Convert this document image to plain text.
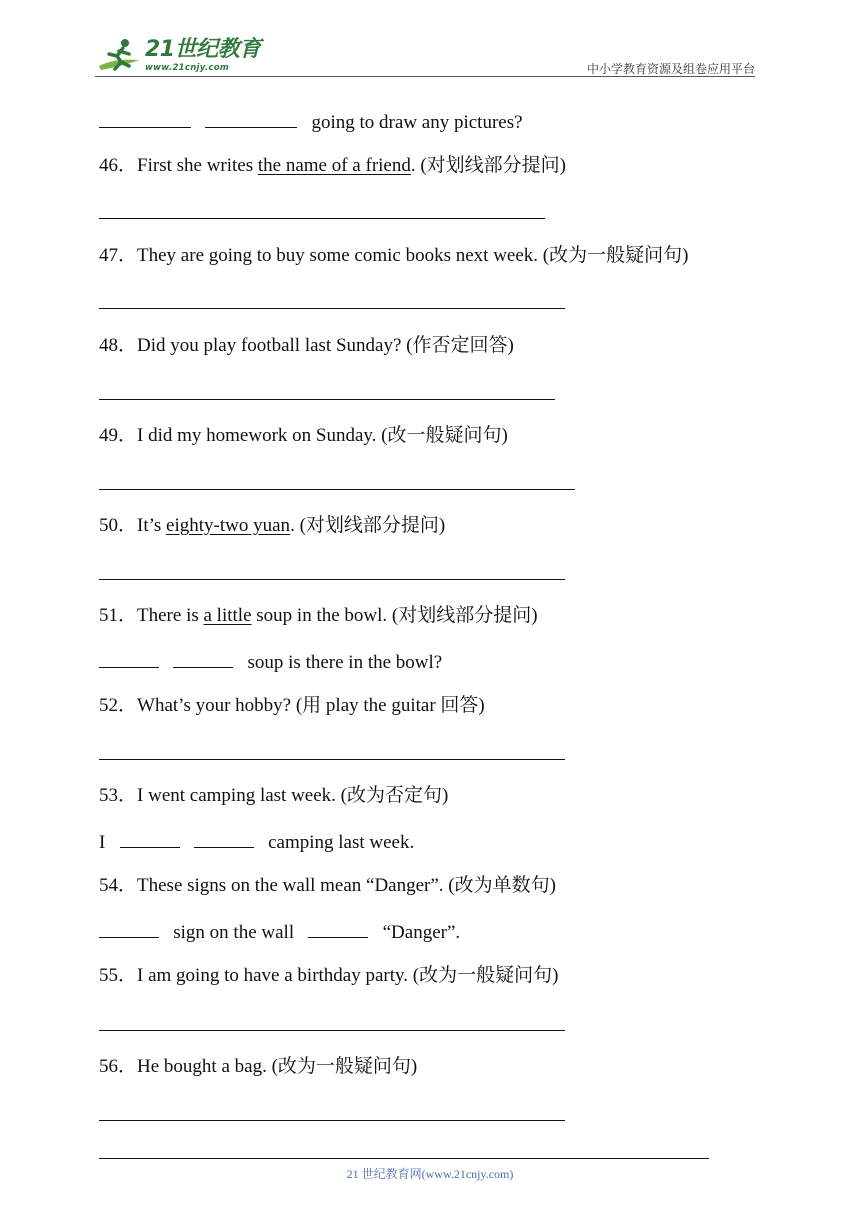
21世纪教育
www.21cnjy.com	中小学教育资源及组卷应用平台
going to draw any pictures?
46．First she writes the name of a friend. (对划线部分提问)
47．They are going to buy some comic books next week. (改为一般疑问句)
48．Did you play football last Sunday? (作否定回答)
49．I did my homework on Sunday. (改一般疑问句)
50．It’s eighty-two yuan. (对划线部分提问)
51．There is a little soup in the bowl. (对划线部分提问)
soup is there in the bowl?
52．What’s your hobby? (用 play the guitar 回答)
53．I went camping last week. (改为否定句)
I	camping last week.
54．These signs on the wall mean “Danger”. (改为单数句)
sign on the wall	“Danger”.
55．I am going to have a birthday party. (改为一般疑问句)
56．He bought a bag. (改为一般疑问句)
21 世纪教育网(www.21cnjy.com)
